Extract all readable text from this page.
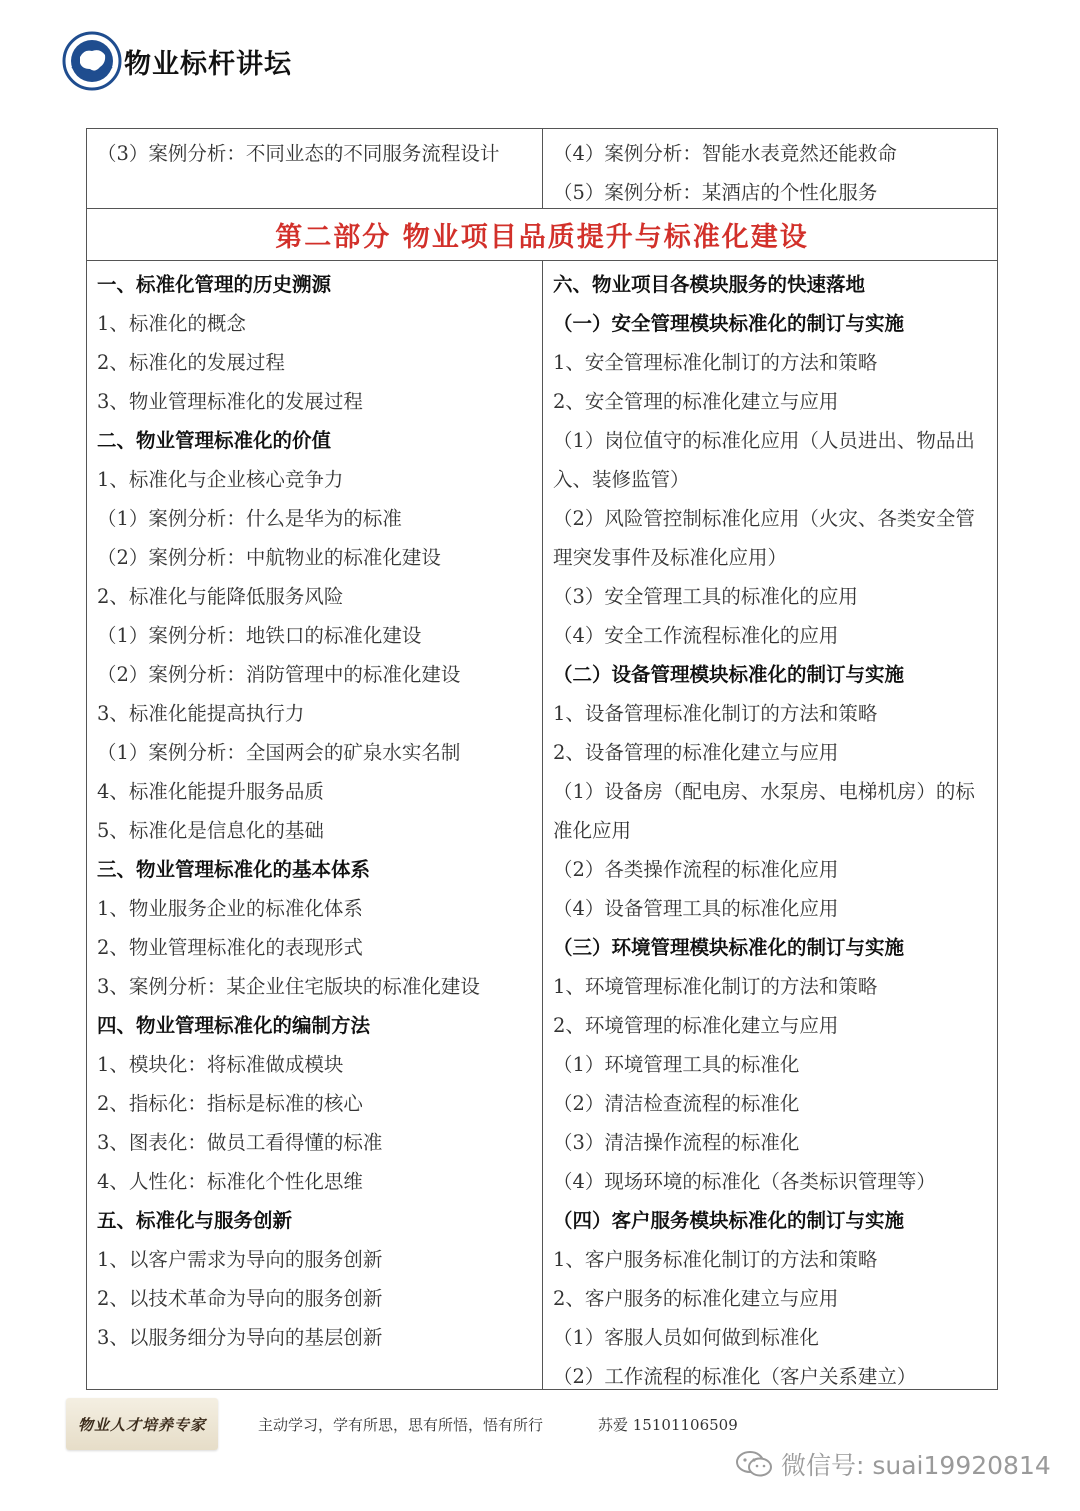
物业标杆讲坛
（3）案例分析：不同业态的不同服务流程设计	（4）案例分析：智能水表竟然还能救命
（5）案例分析：某酒店的个性化服务
第二部分 物业项目品质提升与标准化建设
一、标准化管理的历史溯源
1、标准化的概念
2、标准化的发展过程
3、物业管理标准化的发展过程
二、物业管理标准化的价值
1、标准化与企业核心竞争力
（1）案例分析：什么是华为的标准
（2）案例分析：中航物业的标准化建设
2、标准化与能降低服务风险
（1）案例分析：地铁口的标准化建设
（2）案例分析：消防管理中的标准化建设
3、标准化能提高执行力
（1）案例分析：全国两会的矿泉水实名制
4、标准化能提升服务品质
5、标准化是信息化的基础
三、物业管理标准化的基本体系
1、物业服务企业的标准化体系
2、物业管理标准化的表现形式
3、案例分析：某企业住宅版块的标准化建设
四、物业管理标准化的编制方法
1、模块化：将标准做成模块
2、指标化：指标是标准的核心
3、图表化：做员工看得懂的标准
4、人性化：标准化个性化思维
五、标准化与服务创新
1、以客户需求为导向的服务创新
2、以技术革命为导向的服务创新
3、以服务细分为导向的基层创新
六、物业项目各模块服务的快速落地
（一）安全管理模块标准化的制订与实施
1、安全管理标准化制订的方法和策略
2、安全管理的标准化建立与应用
（1）岗位值守的标准化应用（人员进出、物品出入、装修监管）
（2）风险管控制标准化应用（火灾、各类安全管理突发事件及标准化应用）
（3）安全管理工具的标准化的应用
（4）安全工作流程标准化的应用
（二）设备管理模块标准化的制订与实施
1、设备管理标准化制订的方法和策略
2、设备管理的标准化建立与应用
（1）设备房（配电房、水泵房、电梯机房）的标准化应用
（2）各类操作流程的标准化应用
（4）设备管理工具的标准化应用
（三）环境管理模块标准化的制订与实施
1、环境管理标准化制订的方法和策略
2、环境管理的标准化建立与应用
（1）环境管理工具的标准化
（2）清洁检查流程的标准化
（3）清洁操作流程的标准化
（4）现场环境的标准化（各类标识管理等）
（四）客户服务模块标准化的制订与实施
1、客户服务标准化制订的方法和策略
2、客户服务的标准化建立与应用
（1）客服人员如何做到标准化
（2）工作流程的标准化（客户关系建立）
物业人才培养专家	主动学习，学有所思，思有所悟，悟有所行	苏爱 15101106509
微信号: suai19920814
